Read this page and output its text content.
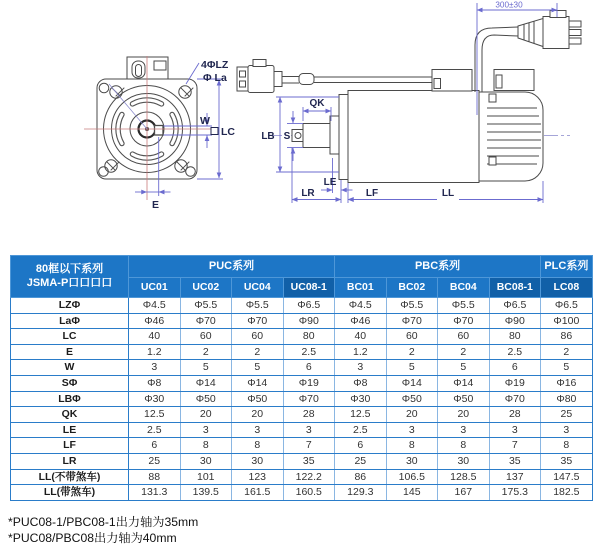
4ΦLZ
Φ La
W
LC
E
300±30
QK
LB S
LE
LR	LF	LL
80框以下系列
JSMA-P口口口口	PUC系列				PBC系列				PLC系列
	UC01	UC02	UC04	UC08-1	BC01	BC02	BC04	BC08-1	LC08
LZΦ	Φ4.5	Φ5.5	Φ5.5	Φ6.5	Φ4.5	Φ5.5	Φ5.5	Φ6.5	Φ6.5
LaΦ	Φ46	Φ70	Φ70	Φ90	Φ46	Φ70	Φ70	Φ90	Φ100
LC	40	60	60	80	40	60	60	80	86
E	1.2	2	2	2.5	1.2	2	2	2.5	2
W	3	5	5	6	3	5	5	6	5
SΦ	Φ8	Φ14	Φ14	Φ19	Φ8	Φ14	Φ14	Φ19	Φ16
LBΦ	Φ30	Φ50	Φ50	Φ70	Φ30	Φ50	Φ50	Φ70	Φ80
QK	12.5	20	20	28	12.5	20	20	28	25
LE	2.5	3	3	3	2.5	3	3	3	3
LF	6	8	8	7	6	8	8	7	8
LR	25	30	30	35	25	30	30	35	35
LL(不带煞车)	88	101	123	122.2	86	106.5	128.5	137	147.5
LL(带煞车)	131.3	139.5	161.5	160.5	129.3	145	167	175.3	182.5
*PUC08-1/PBC08-1出力轴为35mm
*PUC08/PBC08出力轴为40mm
